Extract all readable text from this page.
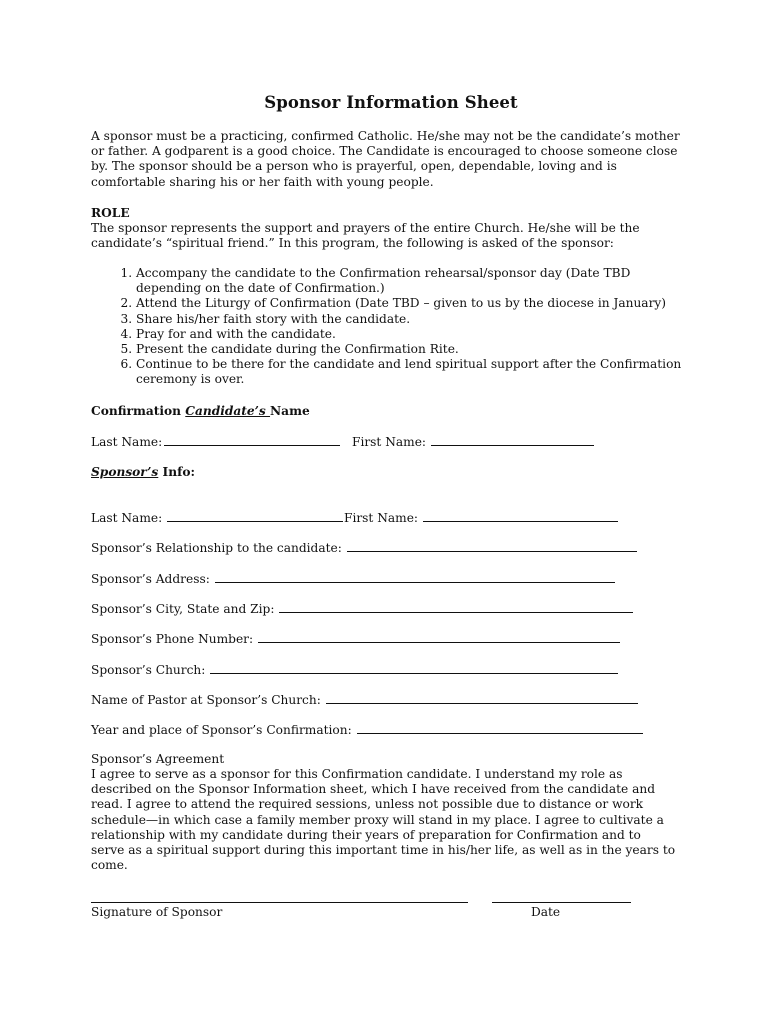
Sponsor Information Sheet

A sponsor must be a practicing, confirmed Catholic. He/she may not be the candidate’s mother or father. A godparent is a good choice. The Candidate is encouraged to choose someone close by. The sponsor should be a person who is prayerful, open, dependable, loving and is comfortable sharing his or her faith with young people.

ROLE

The sponsor represents the support and prayers of the entire Church. He/she will be the candidate’s “spiritual friend.” In this program, the following is asked of the sponsor:

1. Accompany the candidate to the Confirmation rehearsal/sponsor day (Date TBD depending on the date of Confirmation.)
2. Attend the Liturgy of Confirmation (Date TBD – given to us by the diocese in January)
3. Share his/her faith story with the candidate.
4. Pray for and with the candidate.
5. Present the candidate during the Confirmation Rite.
6. Continue to be there for the candidate and lend spiritual support after the Confirmation ceremony is over.
Confirmation Candidate’s Name
Last Name:	First Name:
Sponsor’s Info:
Last Name:	First Name:
Sponsor’s Relationship to the candidate:
Sponsor’s Address:
Sponsor’s City, State and Zip:
Sponsor’s Phone Number:
Sponsor’s Church:
Name of Pastor at Sponsor’s Church:
Year and place of Sponsor’s Confirmation:
Sponsor’s Agreement

I agree to serve as a sponsor for this Confirmation candidate. I understand my role as described on the Sponsor Information sheet, which I have received from the candidate and read. I agree to attend the required sessions, unless not possible due to distance or work schedule—in which case a family member proxy will stand in my place. I agree to cultivate a relationship with my candidate during their years of preparation for Confirmation and to serve as a spiritual support during this important time in his/her life, as well as in the years to come.

Signature of Sponsor	Date
